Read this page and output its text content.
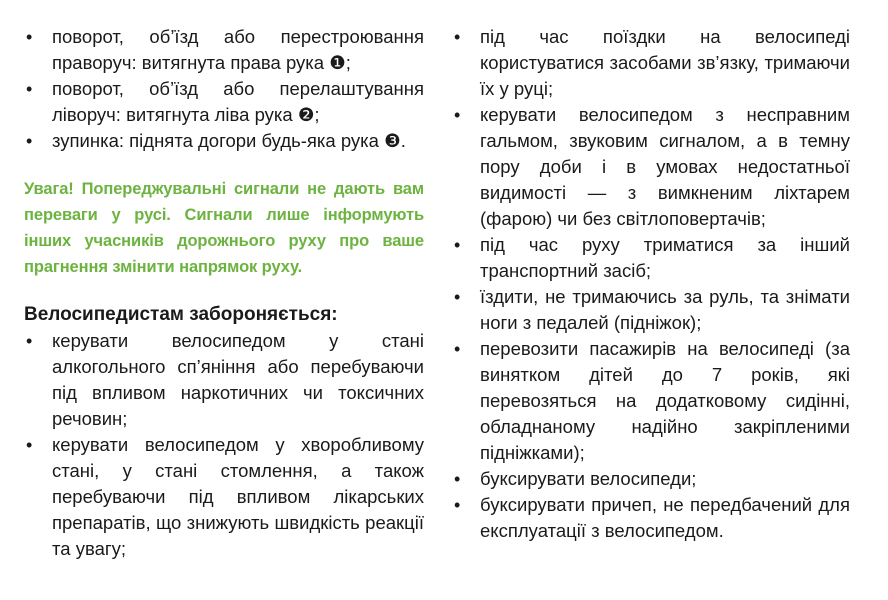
• поворот, об’їзд або перестроювання праворуч: витягнута права рука ❶;
• поворот, об’їзд або перелаштування ліворуч: витягнута ліва рука ❷;
• зупинка: піднята догори будь-яка рука ❸.
Увага! Попереджувальні сигнали не дають вам переваги у русі. Сигнали лише інформують інших учасників дорожнього руху про ваше прагнення змінити напрямок руху.
Велосипедистам забороняється:
• керувати велосипедом у стані алкогольного сп’яніння або перебуваючи під впливом наркотичних чи токсичних речовин;
• керувати велосипедом у хворобливому стані, у стані стомлення, а також перебуваючи під впливом лікарських препаратів, що знижують швидкість реакції та увагу;
• під час поїздки на велосипеді користуватися засобами зв’язку, тримаючи їх у руці;
• керувати велосипедом з несправним гальмом, звуковим сигналом, а в темну пору доби і в умовах недостатньої видимості — з вимкненим ліхтарем (фарою) чи без світлоповертачів;
• під час руху триматися за інший транспортний засіб;
• їздити, не тримаючись за руль, та знімати ноги з педалей (підніжок);
• перевозити пасажирів на велосипеді (за винятком дітей до 7 років, які перевозяться на додатковому сидінні, обладнаному надійно закріпленими підніжками);
• буксирувати велосипеди;
• буксирувати причеп, не передбачений для експлуатації з велосипедом.
